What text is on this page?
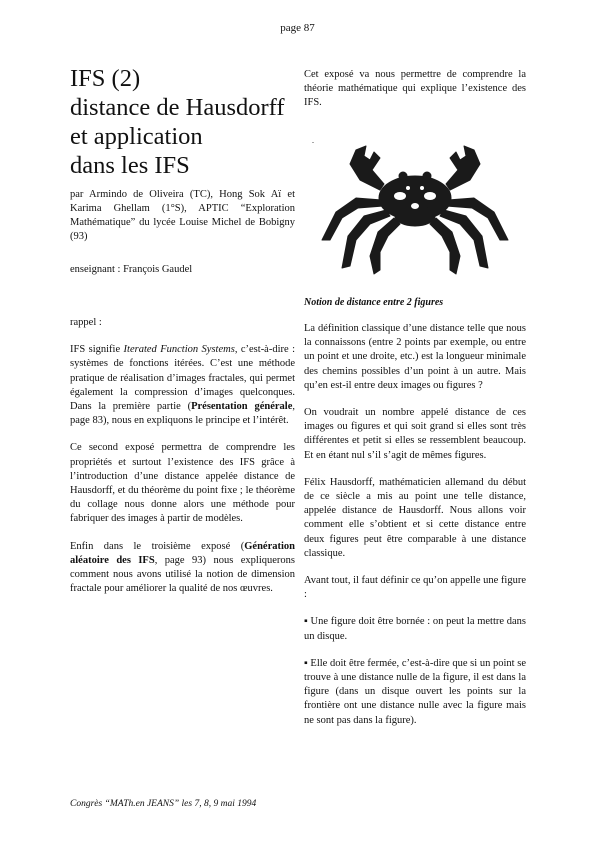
page 87
IFS (2)
distance de Hausdorff
et application
dans les IFS

par Armindo de Oliveira (TC), Hong Sok Aï et Karima Ghellam (1°S), APTIC “Exploration Mathématique” du lycée Louise Michel de Bobigny (93)

enseignant : François Gaudel

rappel :

IFS signifie Iterated Function Systems, c’est-à-dire : systèmes de fonctions itérées. C’est une méthode pratique de réalisation d’images fractales, qui permet également la compression d’images quelconques. Dans la première partie (Présentation générale, page 83), nous en expliquons le principe et l’intérêt.

Ce second exposé permettra de comprendre les propriétés et surtout l’existence des IFS grâce à l’introduction d’une distance appelée distance de Hausdorff, et du théorème du point fixe ; le théorème du collage nous donne alors une méthode pour fabriquer des images à partir de modèles.

Enfin dans le troisième exposé (Génération aléatoire des IFS, page 93) nous expliquerons comment nous avons utilisé la notion de dimension fractale pour améliorer la qualité de nos œuvres.

Cet exposé va nous permettre de comprendre la théorie mathématique qui explique l’existence des IFS.

.
Notion de distance entre 2 figures

La définition classique d’une distance telle que nous la connaissons (entre 2 points par exemple, ou entre un point et une droite, etc.) est la longueur minimale des chemins possibles d’un point à un autre. Mais qu’en est-il entre deux images ou figures ?

On voudrait un nombre appelé distance de ces images ou figures et qui soit grand si elles sont très différentes et petit si elles se ressemblent beaucoup. Et en étant nul s’il s’agit de mêmes figures.

Félix Hausdorff, mathématicien allemand du début de ce siècle a mis au point une telle distance, appelée distance de Hausdorff. Nous allons voir comment elle s’obtient et si cette distance entre deux figures peut être comparable à une distance classique.

Avant tout, il faut définir ce qu’on appelle une figure :

▪ Une figure doit être bornée : on peut la mettre dans un disque.

▪ Elle doit être fermée, c’est-à-dire que si un point se trouve à une distance nulle de la figure, il est dans la figure (dans un disque ouvert les points sur la frontière ont une distance nulle avec la figure mais ne sont pas dans la figure).

Congrès “MATh.en JEANS” les 7, 8, 9 mai 1994
